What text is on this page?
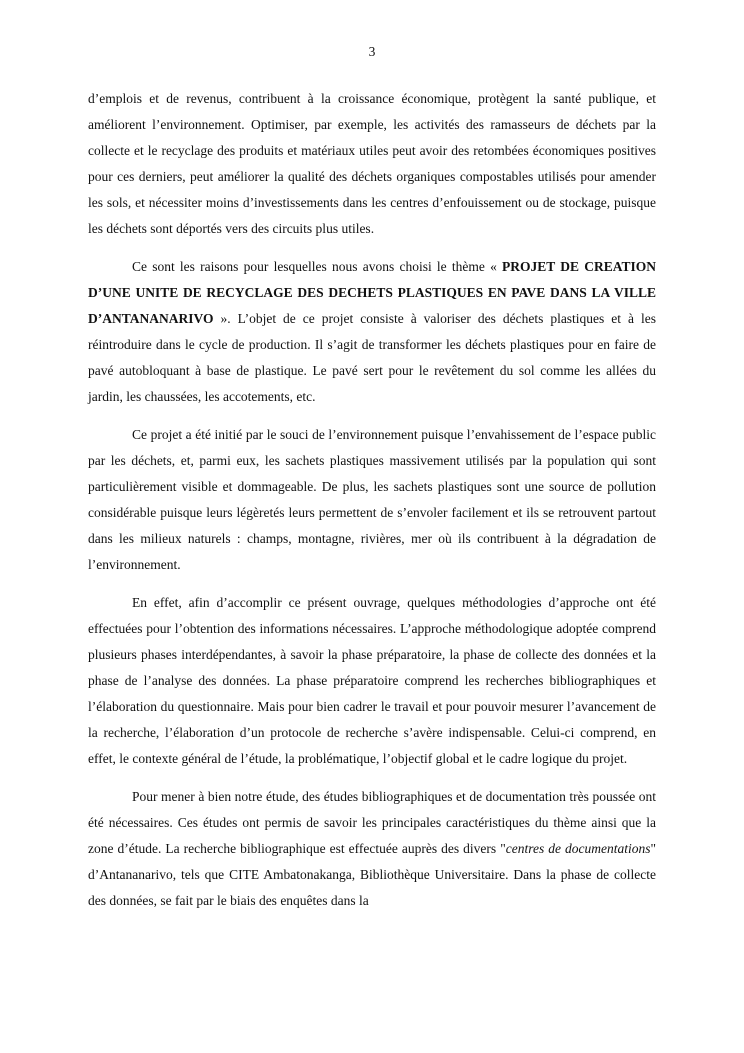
3

d’emplois et de revenus, contribuent à la croissance économique, protègent la santé publique, et améliorent l’environnement. Optimiser, par exemple, les activités des ramasseurs de déchets par la collecte et le recyclage des produits et matériaux utiles peut avoir des retombées économiques positives pour ces derniers, peut améliorer la qualité des déchets organiques compostables utilisés pour amender les sols, et nécessiter moins d’investissements dans les centres d’enfouissement ou de stockage, puisque les déchets sont déportés vers des circuits plus utiles.

Ce sont les raisons pour lesquelles nous avons choisi le thème « PROJET DE CREATION D’UNE UNITE DE RECYCLAGE DES DECHETS PLASTIQUES EN PAVE DANS LA VILLE D’ANTANANARIVO ». L’objet de ce projet consiste à valoriser des déchets plastiques et à les réintroduire dans le cycle de production. Il s’agit de transformer les déchets plastiques pour en faire de pavé autobloquant à base de plastique. Le pavé sert pour le revêtement du sol comme les allées du jardin, les chaussées, les accotements, etc.

Ce projet a été initié par le souci de l’environnement puisque l’envahissement de l’espace public par les déchets, et, parmi eux, les sachets plastiques massivement utilisés par la population qui sont particulièrement visible et dommageable. De plus, les sachets plastiques sont une source de pollution considérable puisque leurs légèretés leurs permettent de s’envoler facilement et ils se retrouvent partout dans les milieux naturels : champs, montagne, rivières, mer où ils contribuent à la dégradation de l’environnement.

En effet, afin d’accomplir ce présent ouvrage, quelques méthodologies d’approche ont été effectuées pour l’obtention des informations nécessaires. L’approche méthodologique adoptée comprend plusieurs phases interdépendantes, à savoir la phase préparatoire, la phase de collecte des données et la phase de l’analyse des données. La phase préparatoire comprend les recherches bibliographiques et l’élaboration du questionnaire. Mais pour bien cadrer le travail et pour pouvoir mesurer l’avancement de la recherche, l’élaboration d’un protocole de recherche s’avère indispensable. Celui-ci comprend, en effet, le contexte général de l’étude, la problématique, l’objectif global et le cadre logique du projet.

Pour mener à bien notre étude, des études bibliographiques et de documentation très poussée ont été nécessaires. Ces études ont permis de savoir les principales caractéristiques du thème ainsi que la zone d’étude. La recherche bibliographique est effectuée auprès des divers "centres de documentations" d’Antananarivo, tels que CITE Ambatonakanga, Bibliothèque Universitaire. Dans la phase de collecte des données, se fait par le biais des enquêtes dans la
